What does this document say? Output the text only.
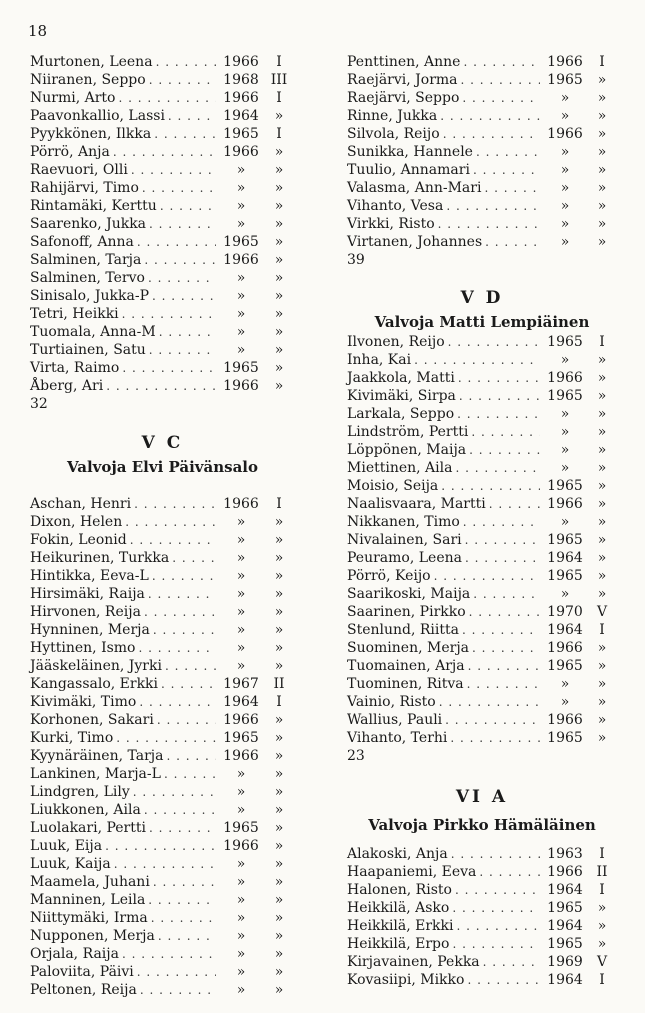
18
Murtonen, Leena . . .	1966	I
Niiranen, Seppo . . .	1968 III
Nurmi, Arto . . .	1966	I
Paavonkallio, Lassi . . .	1964	»
Pyykkönen, Ilkka . . .	1965	I
Pörrö, Anja . . .	1966	»
Raevuori, Olli . . .	»	»
Rahijärvi, Timo . . .	»	»
Rintamäki, Kerttu . . .	»	»
Saarenko, Jukka . . .	»	»
Safonoff, Anna . . .	1965	»
Salminen, Tarja . . .	1966	»
Salminen, Tervo . . .	»	»
Sinisalo, Jukka-P . . .	»	»
Tetri, Heikki . . .	»	»
Tuomala, Anna-M . . .	»	»
Turtiainen, Satu . . .	»	»
Virta, Raimo . . .	1965	»
Åberg, Ari . . .	1966	»
32
V C
Valvoja Elvi Päivänsalo
Aschan, Henri . . .	1966	I
Dixon, Helen . . .	»	»
Fokin, Leonid . . .	»	»
Heikurinen, Turkka . . .	»	»
Hintikka, Eeva-L . . .	»	»
Hirsimäki, Raija . . .	»	»
Hirvonen, Reija . . .	»	»
Hynninen, Merja . . .	»	»
Hyttinen, Ismo . . .	»	»
Jääskeläinen, Jyrki . . .	»	»
Kangassalo, Erkki . . .	1967	II
Kivimäki, Timo . . .	1964	I
Korhonen, Sakari . . .	1966	»
Kurki, Timo . . .	1965	»
Kyynäräinen, Tarja . . .	1966	»
Lankinen, Marja-L . . .	»	»
Lindgren, Lily . . .	»	»
Liukkonen, Aila . . .	»	»
Luolakari, Pertti . . .	1965	»
Luuk, Eija . . .	1966	»
Luuk, Kaija . . .	»	»
Maamela, Juhani . . .	»	»
Manninen, Leila . . .	»	»
Niittymäki, Irma . . .	»	»
Nupponen, Merja . . .	»	»
Orjala, Raija . . .	»	»
Paloviita, Päivi . . .	»	»
Peltonen, Reija . . .	»	»
Penttinen, Anne . . .	1966	I
Raejärvi, Jorma . . .	1965	»
Raejärvi, Seppo . . .	»	»
Rinne, Jukka . . .	»	»
Silvola, Reijo . . .	1966	»
Sunikka, Hannele . . .	»	»
Tuulio, Annamari . . .	»	»
Valasma, Ann-Mari . . .	»	»
Vihanto, Vesa . . .	»	»
Virkki, Risto . . .	»	»
Virtanen, Johannes . . .	»	»
39
V D
Valvoja Matti Lempiäinen
Ilvonen, Reijo . . .	1965	I
Inha, Kai . . .	»	»
Jaakkola, Matti . . .	1966	»
Kivimäki, Sirpa . . .	1965	»
Larkala, Seppo . . .	»	»
Lindström, Pertti . . .	»	»
Löppönen, Maija . . .	»	»
Miettinen, Aila . . .	»	»
Moisio, Seija . . .	1965	»
Naalisvaara, Martti . . .	1966	»
Nikkanen, Timo . . .	»	»
Nivalainen, Sari . . .	1965	»
Peuramo, Leena . . .	1964	»
Pörrö, Keijo . . .	1965	»
Saarikoski, Maija . . .	»	»
Saarinen, Pirkko . . .	1970	V
Stenlund, Riitta . . .	1964	I
Suominen, Merja . . .	1966	»
Tuomainen, Arja . . .	1965	»
Tuominen, Ritva . . .	»	»
Vainio, Risto . . .	»	»
Wallius, Pauli . . .	1966	»
Vihanto, Terhi . . .	1965	»
23
VI A
Valvoja Pirkko Hämäläinen
Alakoski, Anja . . .	1963	I
Haapaniemi, Eeva . . .	1966 II
Halonen, Risto . . .	1964	I
Heikkilä, Asko . . .	1965	»
Heikkilä, Erkki . . .	1964	»
Heikkilä, Erpo . . .	1965	»
Kirjavainen, Pekka . . .	1969	V
Kovasiipi, Mikko . . .	1964	I
